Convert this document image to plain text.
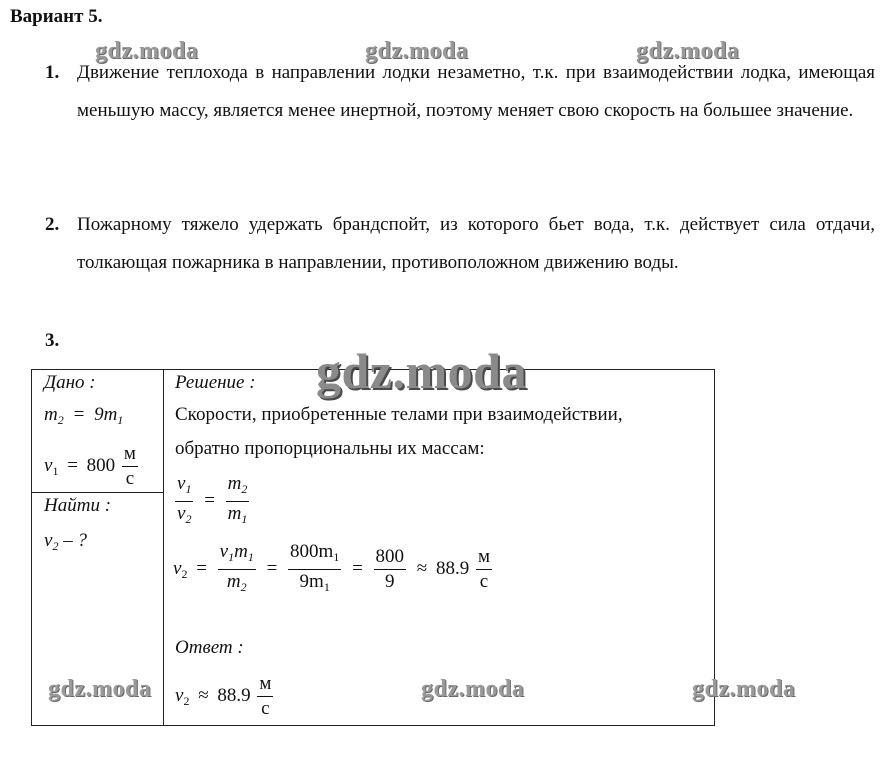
Вариант 5.
gdz.moda	gdz.moda	gdz.moda
1. Движение теплохода в направлении лодки незаметно, т.к. при взаимодействии лодка, имеющая меньшую массу, является менее инертной, поэтому меняет свою скорость на большее значение.
2. Пожарному тяжело удержать брандспойт, из которого бьет вода, т.к. действует сила отдачи, толкающая пожарника в направлении, противоположном движению воды.
3.
Дано :
$m_2 = 9m_1$
$v_1 = 800 \frac{м}{с}$
Найти :
$v_2$ – ?
Решение :
Скорости, приобретенные телами при взаимодействии,
обратно пропорциональны их массам:
$\frac{v_1}{v_2} = \frac{m_2}{m_1}$
$v_2 = \frac{v_1m_1}{m_2} = \frac{800m_1}{9m_1} = \frac{800}{9} \approx 88.9 \frac{м}{с}$
Ответ :
$v_2 \approx 88.9 \frac{м}{с}$
gdz.moda
gdz.moda	gdz.moda	gdz.moda
